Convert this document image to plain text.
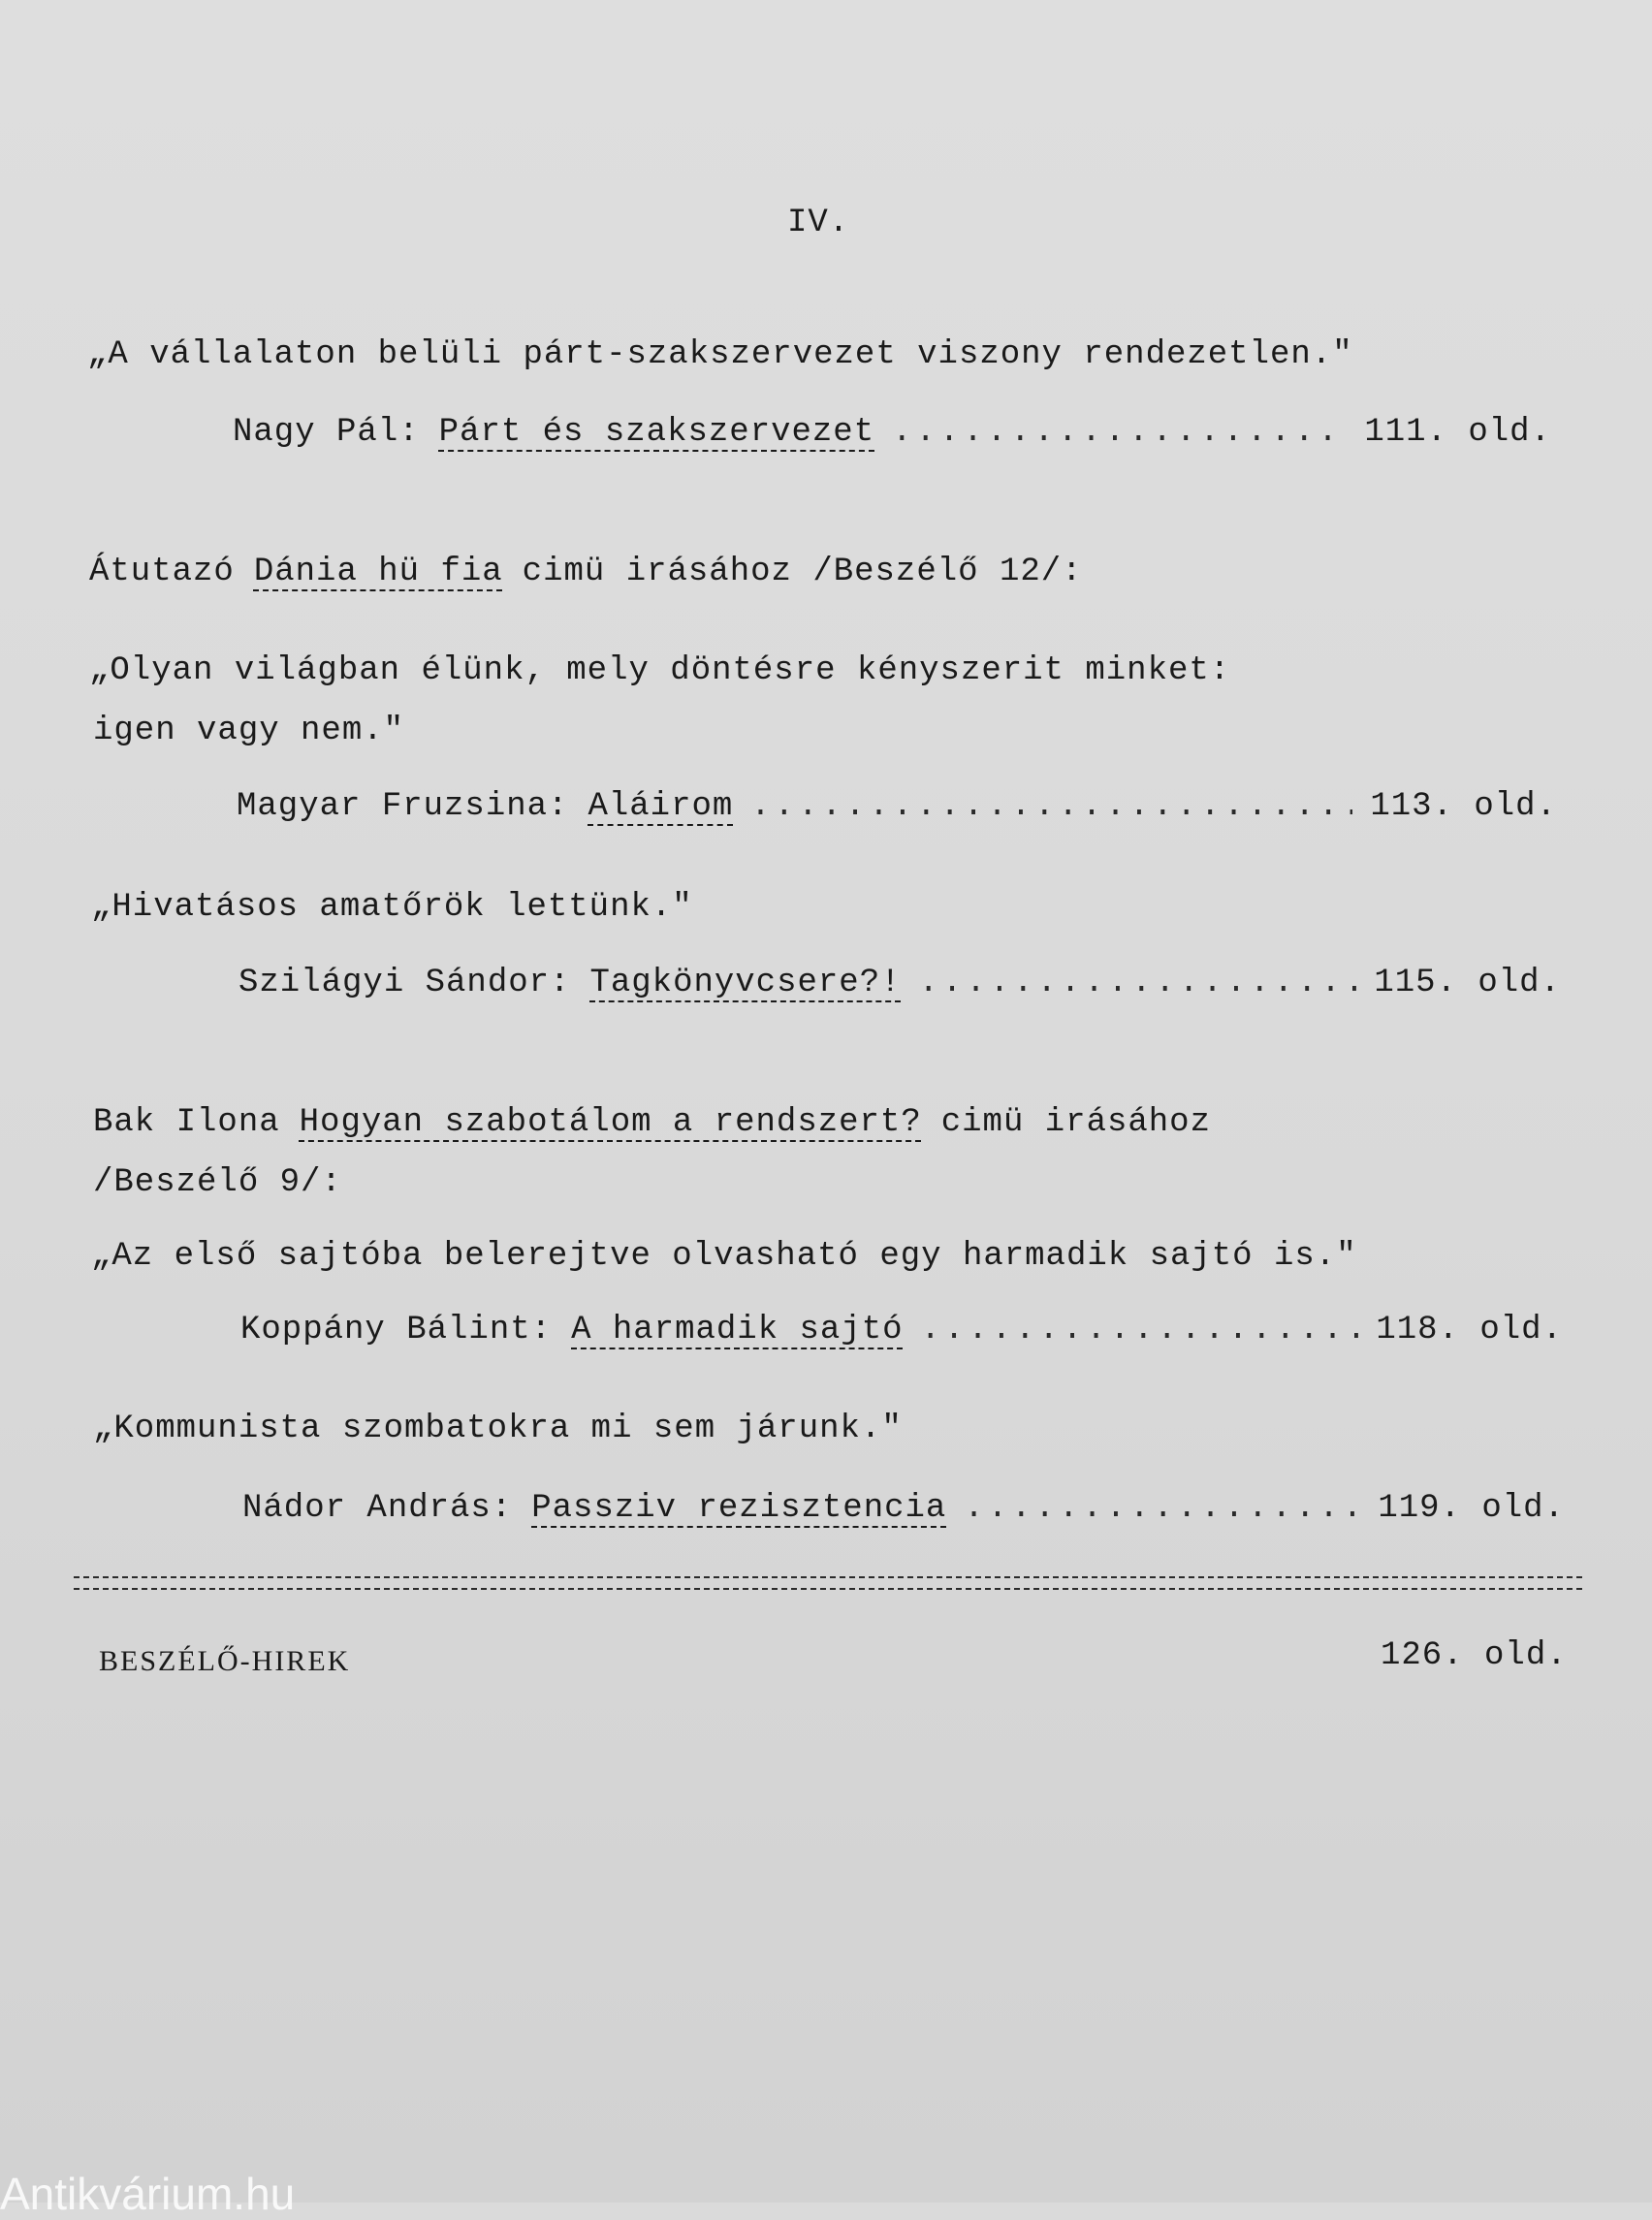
IV.

„A vállalaton belüli párt-szakszervezet viszony rendezetlen."

Nagy Pál: Párt és szakszervezet .....	111. old.
Átutazó Dánia hü fia cimü irásához /Beszélő 12/:

„Olyan világban élünk, mely döntésre kényszerit minket:

igen vagy nem."

Magyar Fruzsina: Aláirom .....	113. old.

„Hivatásos amatőrök lettünk."

Szilágyi Sándor: Tagkönyvcsere?! .....	115. old.
Bak Ilona Hogyan szabotálom a rendszert? cimü irásához

/Beszélő 9/:

„Az első sajtóba belerejtve olvasható egy harmadik sajtó is."

Koppány Bálint: A harmadik sajtó .....	118. old.

„Kommunista szombatokra mi sem járunk."

Nádor András: Passziv rezisztencia .....	119. old.

BESZÉLŐ-HIREK	126. old.

Antikvárium.hu
